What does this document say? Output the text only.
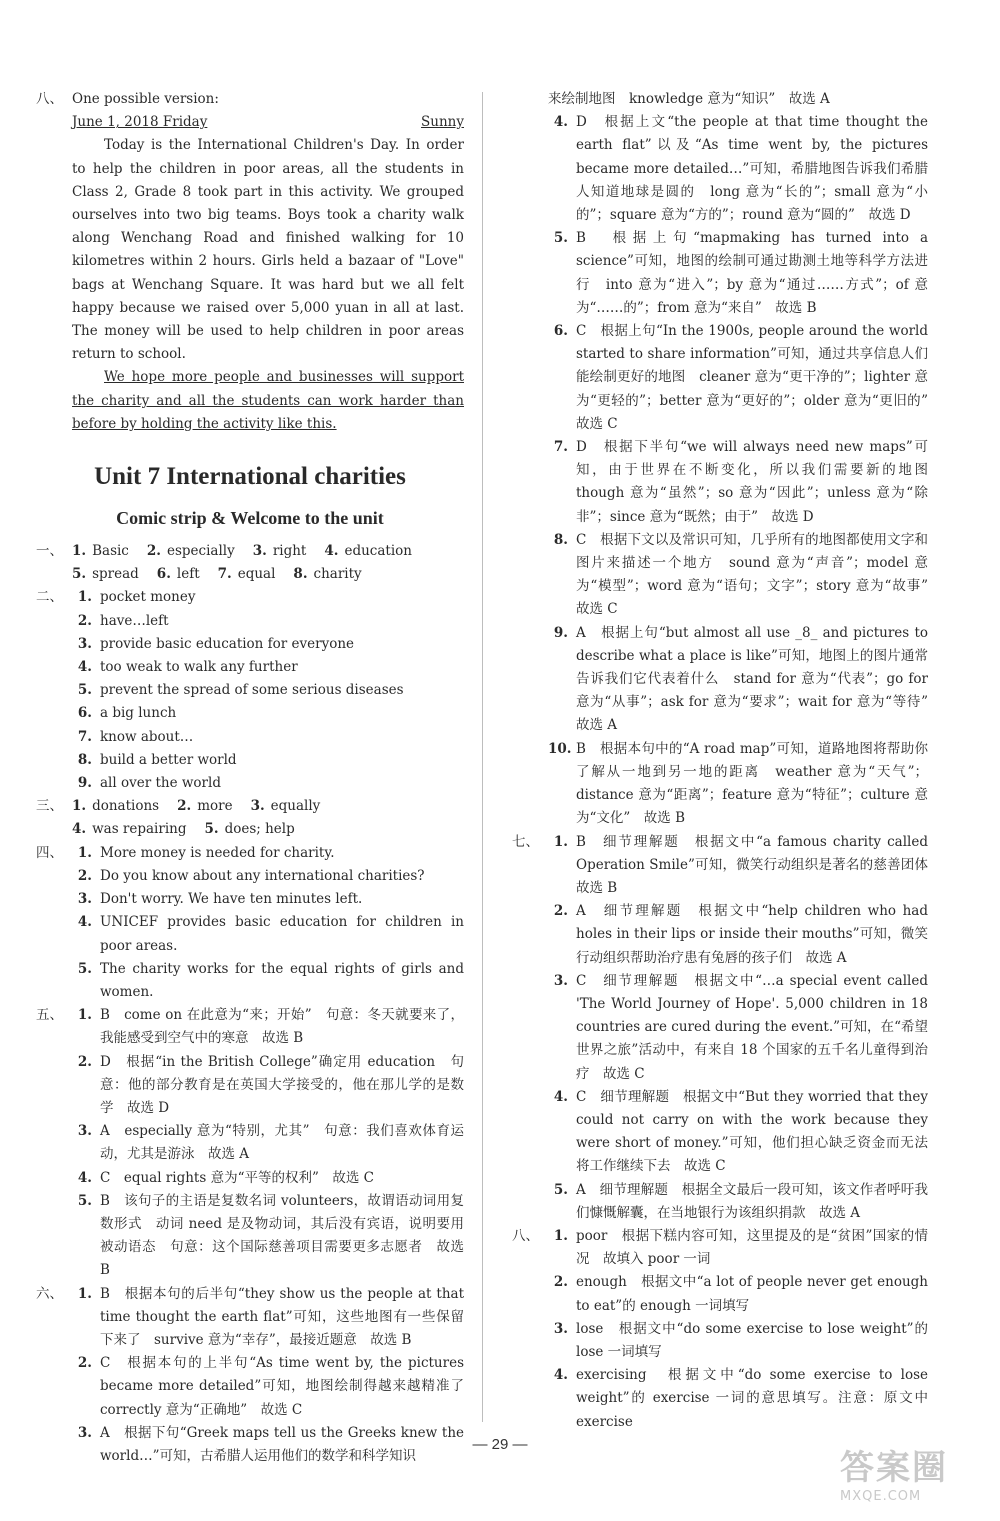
八、 One possible version:
June 1, 2018 Friday	Sunny

Today is the International Children's Day. In order to help the children in poor areas, all the students in Class 2, Grade 8 took part in this activity. We grouped ourselves into two big teams. Boys took a charity walk along Wenchang Road and finished walking for 10 kilometres within 2 hours. Girls held a bazaar of "Love" bags at Wenchang Square. It was hard but we all felt happy because we raised over 5,000 yuan in all at last. The money will be used to help children in poor areas return to school.

We hope more people and businesses will support the charity and all the students can work harder than before by holding the activity like this.

Unit 7 International charities
Comic strip & Welcome to the unit
一、 1. Basic 2. especially 3. right 4. education
5. spread 6. left 7. equal 8. charity
二、	1. pocket money
2. have…left
3. provide basic education for everyone
4. too weak to walk any further
5. prevent the spread of some serious diseases
6. a big lunch
7. know about…
8. build a better world
9. all over the world
三、 1. donations 2. more 3. equally
4. was repairing 5. does; help
四、	1. More money is needed for charity.
2. Do you know about any international charities?
3. Don't worry. We have ten minutes left.
4. UNICEF provides basic education for children in poor areas.
5. The charity works for the equal rights of girls and women.
五、	1. B　come on 在此意为“来；开始”　句意：冬天就要来了，我能感受到空气中的寒意　故选 B
2. D　根据“in the British College”确定用 education　句意：他的部分教育是在英国大学接受的，他在那儿学的是数学　故选 D
3. A　especially 意为“特别，尤其”　句意：我们喜欢体育运动，尤其是游泳　故选 A
4. C　equal rights 意为“平等的权利”　故选 C
5. B　该句子的主语是复数名词 volunteers，故谓语动词用复数形式　动词 need 是及物动词，其后没有宾语，说明要用被动语态　句意：这个国际慈善项目需要更多志愿者　故选 B
六、	1. B　根据本句的后半句“they show us the people at that time thought the earth flat”可知，这些地图有一些保留下来了　survive 意为“幸存”，最接近题意　故选 B
2. C　根据本句的上半句“As time went by, the pictures became more detailed”可知，地图绘制得越来越精准了　correctly 意为“正确地”　故选 C
3. A　根据下句“Greek maps tell us the Greeks knew the world…”可知，古希腊人运用他们的数学和科学知识
来绘制地图　knowledge 意为“知识”　故选 A
4. D　根据上文“the people at that time thought the earth flat”以及“As time went by, the pictures became more detailed…”可知，希腊地图告诉我们希腊人知道地球是圆的　long 意为“长的”；small 意为“小的”；square 意为“方的”；round 意为“圆的”　故选 D
5. B　根据上句“mapmaking has turned into a science”可知，地图的绘制可通过勘测土地等科学方法进行　into 意为“进入”；by 意为“通过……方式”；of 意为“……的”；from 意为“来自”　故选 B
6. C　根据上句“In the 1900s, people around the world started to share information”可知，通过共享信息人们能绘制更好的地图　cleaner 意为“更干净的”；lighter 意为“更轻的”；better 意为“更好的”；older 意为“更旧的”　故选 C
7. D　根据下半句“we will always need new maps”可知，由于世界在不断变化，所以我们需要新的地图　though 意为“虽然”；so 意为“因此”；unless 意为“除非”；since 意为“既然；由于”　故选 D
8. C　根据下文以及常识可知，几乎所有的地图都使用文字和图片来描述一个地方　sound 意为“声音”；model 意为“模型”；word 意为“语句；文字”；story 意为“故事”　故选 C
9. A　根据上句“but almost all use _8_ and pictures to describe what a place is like”可知，地图上的图片通常告诉我们它代表着什么　stand for 意为“代表”；go for 意为“从事”；ask for 意为“要求”；wait for 意为“等待”　故选 A
10. B　根据本句中的“A road map”可知，道路地图将帮助你了解从一地到另一地的距离　weather 意为“天气”；distance 意为“距离”；feature 意为“特征”；culture 意为“文化”　故选 B
七、	1. B　细节理解题　根据文中“a famous charity called Operation Smile”可知，微笑行动组织是著名的慈善团体　故选 B
2. A　细节理解题　根据文中“help children who had holes in their lips or inside their mouths”可知，微笑行动组织帮助治疗患有兔唇的孩子们　故选 A
3. C　细节理解题　根据文中“…a special event called 'The World Journey of Hope'. 5,000 children in 18 countries are cured during the event.”可知，在“希望世界之旅”活动中，有来自 18 个国家的五千名儿童得到治疗　故选 C
4. C　细节理解题　根据文中“But they worried that they could not carry on with the work because they were short of money.”可知，他们担心缺乏资金而无法将工作继续下去　故选 C
5. A　细节理解题　根据全文最后一段可知，该文作者呼吁我们慷慨解囊，在当地银行为该组织捐款　故选 A
八、	1. poor　根据下糕内容可知，这里提及的是“贫困”国家的情况　故填入 poor 一词
2. enough　根据文中“a lot of people never get enough to eat”的 enough 一词填写
3. lose　根据文中“do some exercise to lose weight”的 lose 一词填写
4. exercising　根据文中“do some exercise to lose weight”的 exercise 一词的意思填写。注意：原文中 exercise
— 29 —
答案圈
MXQE.COM
